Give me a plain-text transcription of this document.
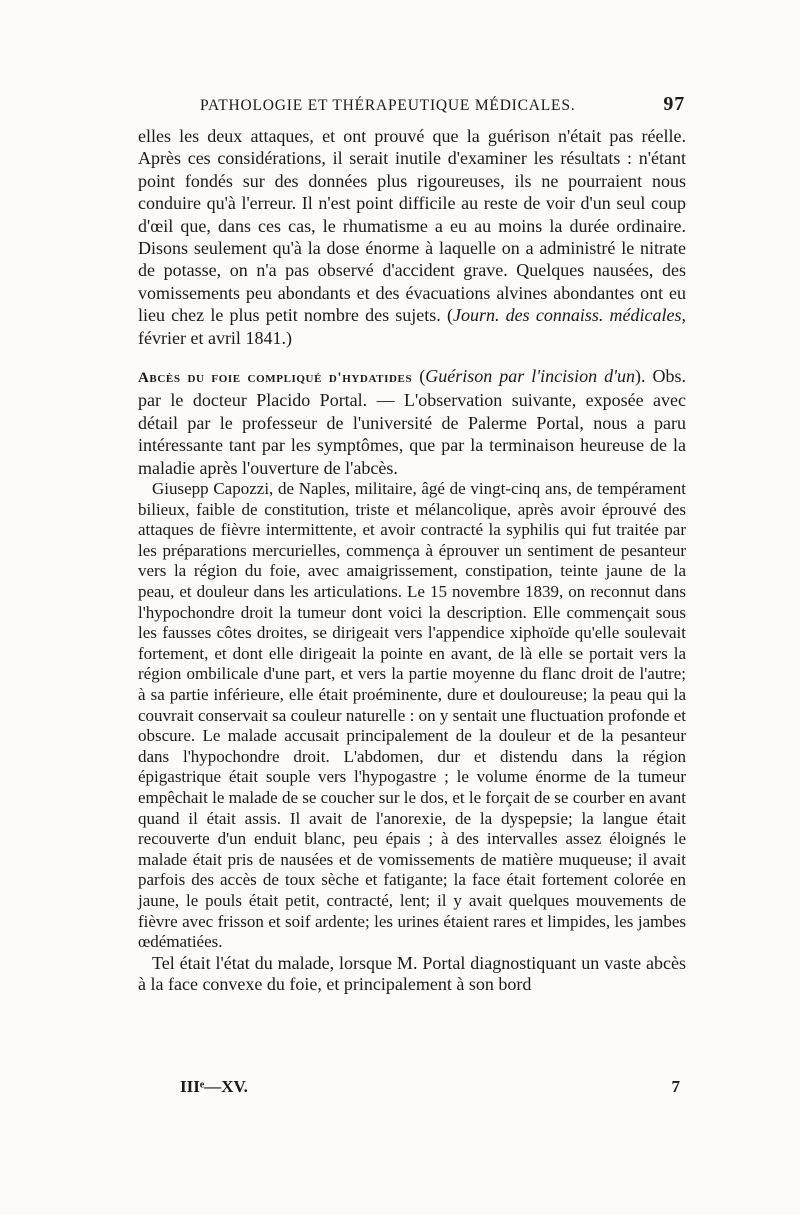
PATHOLOGIE ET THÉRAPEUTIQUE MÉDICALES.	97

elles les deux attaques, et ont prouvé que la guérison n'était pas réelle. Après ces considérations, il serait inutile d'examiner les résultats : n'étant point fondés sur des données plus rigoureuses, ils ne pourraient nous conduire qu'à l'erreur. Il n'est point difficile au reste de voir d'un seul coup d'œil que, dans ces cas, le rhumatisme a eu au moins la durée ordinaire. Disons seulement qu'à la dose énorme à laquelle on a administré le nitrate de potasse, on n'a pas observé d'accident grave. Quelques nausées, des vomissements peu abondants et des évacuations alvines abondantes ont eu lieu chez le plus petit nombre des sujets. (Journ. des connaiss. médicales, février et avril 1841.)

Abcès du foie compliqué d'hydatides (Guérison par l'incision d'un). Obs. par le docteur Placido Portal. — L'observation suivante, exposée avec détail par le professeur de l'université de Palerme Portal, nous a paru intéressante tant par les symptômes, que par la terminaison heureuse de la maladie après l'ouverture de l'abcès.

Giusepp Capozzi, de Naples, militaire, âgé de vingt-cinq ans, de tempérament bilieux, faible de constitution, triste et mélancolique, après avoir éprouvé des attaques de fièvre intermittente, et avoir contracté la syphilis qui fut traitée par les préparations mercurielles, commença à éprouver un sentiment de pesanteur vers la région du foie, avec amaigrissement, constipation, teinte jaune de la peau, et douleur dans les articulations. Le 15 novembre 1839, on reconnut dans l'hypochondre droit la tumeur dont voici la description. Elle commençait sous les fausses côtes droites, se dirigeait vers l'appendice xiphoïde qu'elle soulevait fortement, et dont elle dirigeait la pointe en avant, de là elle se portait vers la région ombilicale d'une part, et vers la partie moyenne du flanc droit de l'autre; à sa partie inférieure, elle était proéminente, dure et douloureuse; la peau qui la couvrait conservait sa couleur naturelle : on y sentait une fluctuation profonde et obscure. Le malade accusait principalement de la douleur et de la pesanteur dans l'hypochondre droit. L'abdomen, dur et distendu dans la région épigastrique était souple vers l'hypogastre ; le volume énorme de la tumeur empêchait le malade de se coucher sur le dos, et le forçait de se courber en avant quand il était assis. Il avait de l'anorexie, de la dyspepsie; la langue était recouverte d'un enduit blanc, peu épais ; à des intervalles assez éloignés le malade était pris de nausées et de vomissements de matière muqueuse; il avait parfois des accès de toux sèche et fatigante; la face était fortement colorée en jaune, le pouls était petit, contracté, lent; il y avait quelques mouvements de fièvre avec frisson et soif ardente; les urines étaient rares et limpides, les jambes œdématiées.

Tel était l'état du malade, lorsque M. Portal diagnostiquant un vaste abcès à la face convexe du foie, et principalement à son bord

IIIᵉ—XV.	7
